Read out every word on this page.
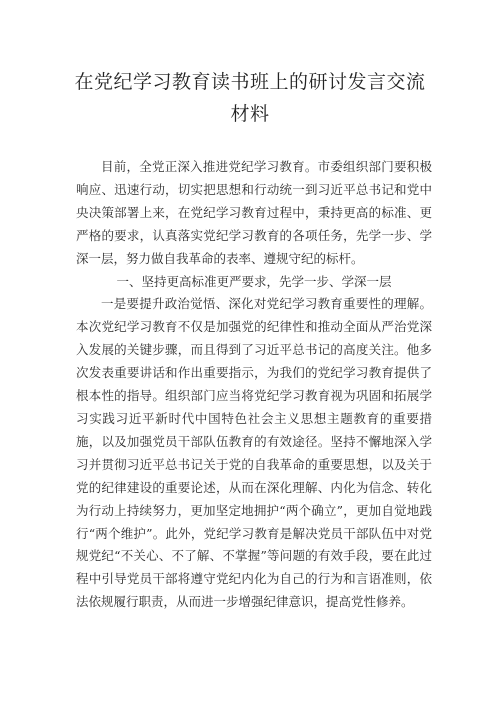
在党纪学习教育读书班上的研讨发言交流
材料

目前，全党正深入推进党纪学习教育。市委组织部门要积极响应、迅速行动，切实把思想和行动统一到习近平总书记和党中央决策部署上来，在党纪学习教育过程中，秉持更高的标准、更严格的要求，认真落实党纪学习教育的各项任务，先学一步、学深一层，努力做自我革命的表率、遵规守纪的标杆。

一、坚持更高标准更严要求，先学一步、学深一层

一是要提升政治觉悟、深化对党纪学习教育重要性的理解。本次党纪学习教育不仅是加强党的纪律性和推动全面从严治党深入发展的关键步骤，而且得到了习近平总书记的高度关注。他多次发表重要讲话和作出重要指示，为我们的党纪学习教育提供了根本性的指导。组织部门应当将党纪学习教育视为巩固和拓展学习实践习近平新时代中国特色社会主义思想主题教育的重要措施，以及加强党员干部队伍教育的有效途径。坚持不懈地深入学习并贯彻习近平总书记关于党的自我革命的重要思想，以及关于党的纪律建设的重要论述，从而在深化理解、内化为信念、转化为行动上持续努力，更加坚定地拥护“两个确立”，更加自觉地践行“两个维护”。此外，党纪学习教育是解决党员干部队伍中对党规党纪“不关心、不了解、不掌握”等问题的有效手段，要在此过程中引导党员干部将遵守党纪内化为自己的行为和言语准则，依法依规履行职责，从而进一步增强纪律意识，提高党性修养。
